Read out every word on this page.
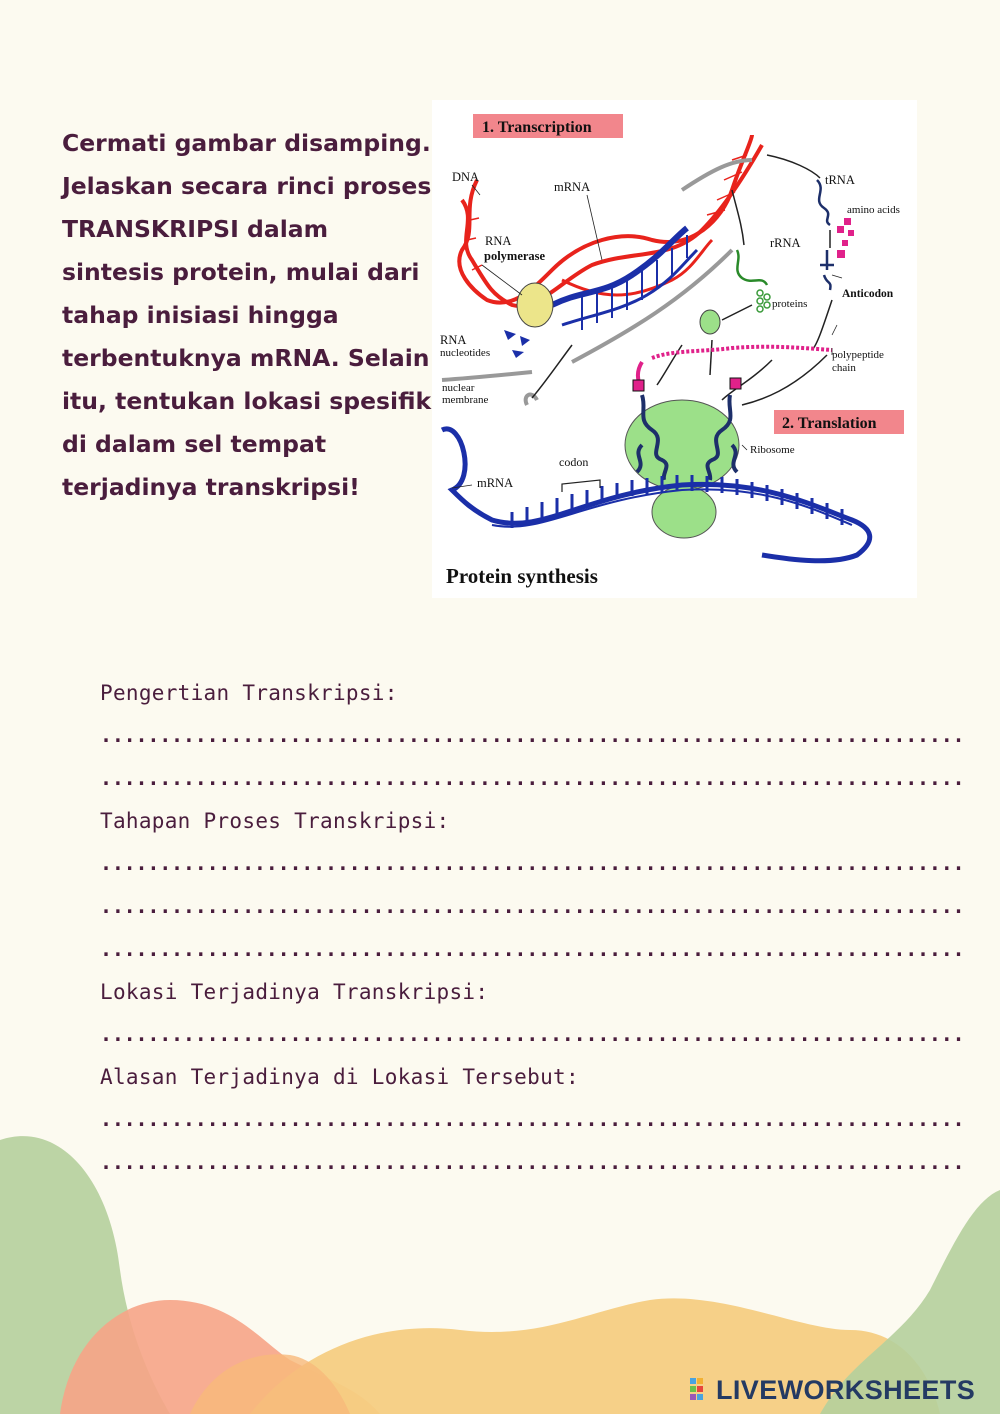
Cermati gambar disamping.
Jelaskan secara rinci proses
TRANSKRIPSI dalam
sintesis protein, mulai dari
tahap inisiasi hingga
terbentuknya mRNA. Selain
itu, tentukan lokasi spesifik
di dalam sel tempat
terjadinya transkripsi!
1. Transcription
2. Translation
DNA
mRNA
RNA
polymerase
RNA
nucleotides
nuclear
membrane
tRNA
amino acids
rRNA
proteins
Anticodon
polypeptide
chain
Ribosome
codon
mRNA
Protein synthesis
Pengertian Transkripsi:
.........................................................................
.........................................................................
Tahapan Proses Transkripsi:
.........................................................................
.........................................................................
.........................................................................
Lokasi Terjadinya Transkripsi:
.........................................................................
Alasan Terjadinya di Lokasi Tersebut:
.........................................................................
.........................................................................
LIVEWORKSHEETS
